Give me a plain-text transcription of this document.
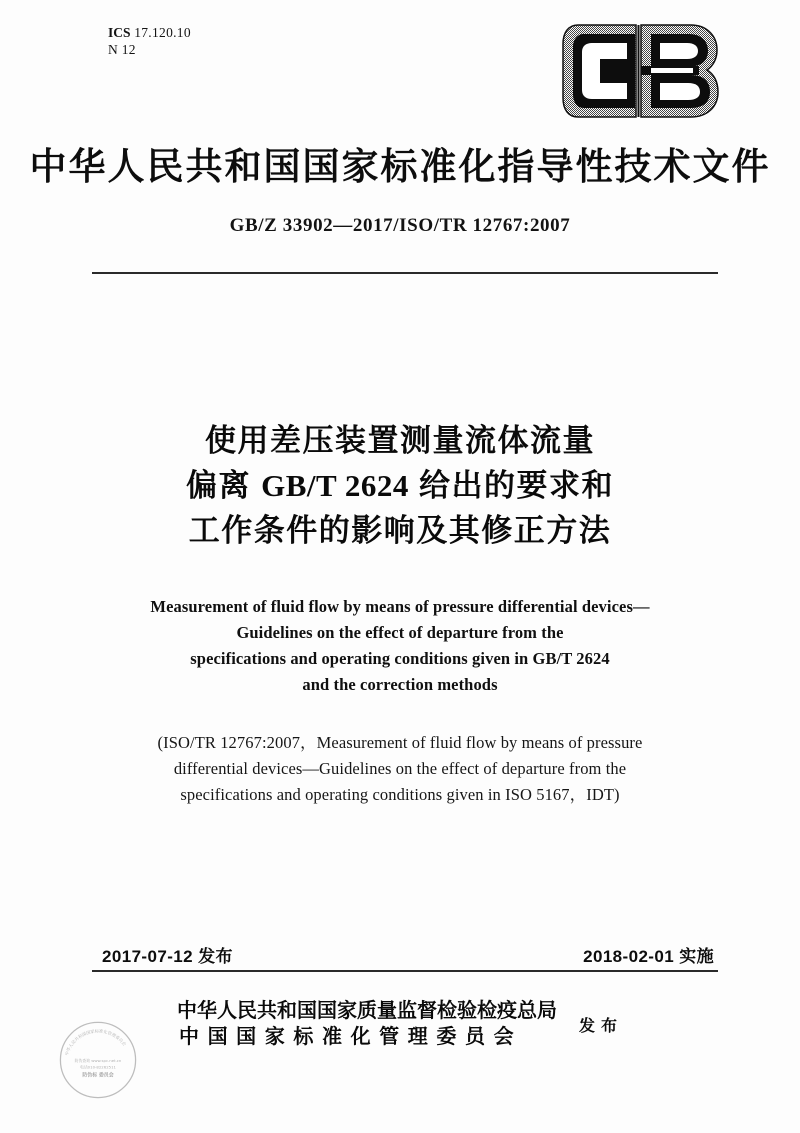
ICS 17.120.10
N 12
中华人民共和国国家标准化指导性技术文件
GB/Z 33902—2017/ISO/TR 12767:2007
使用差压装置测量流体流量
偏离 GB/T 2624 给出的要求和
工作条件的影响及其修正方法
Measurement of fluid flow by means of pressure differential devices—
Guidelines on the effect of departure from the
specifications and operating conditions given in GB/T 2624
and the correction methods
(ISO/TR 12767:2007，Measurement of fluid flow by means of pressure
differential devices—Guidelines on the effect of departure from the
specifications and operating conditions given in ISO 5167，IDT)
2017-07-12 发布	2018-02-01 实施
中华人民共和国国家质量监督检验检疫总局
中国国家标准化管理委员会	发布
中华人民共和国国家标准化管理委员会
防伪查询 www.spc.net.cn
电话010-82262511
防伪标 委员会
